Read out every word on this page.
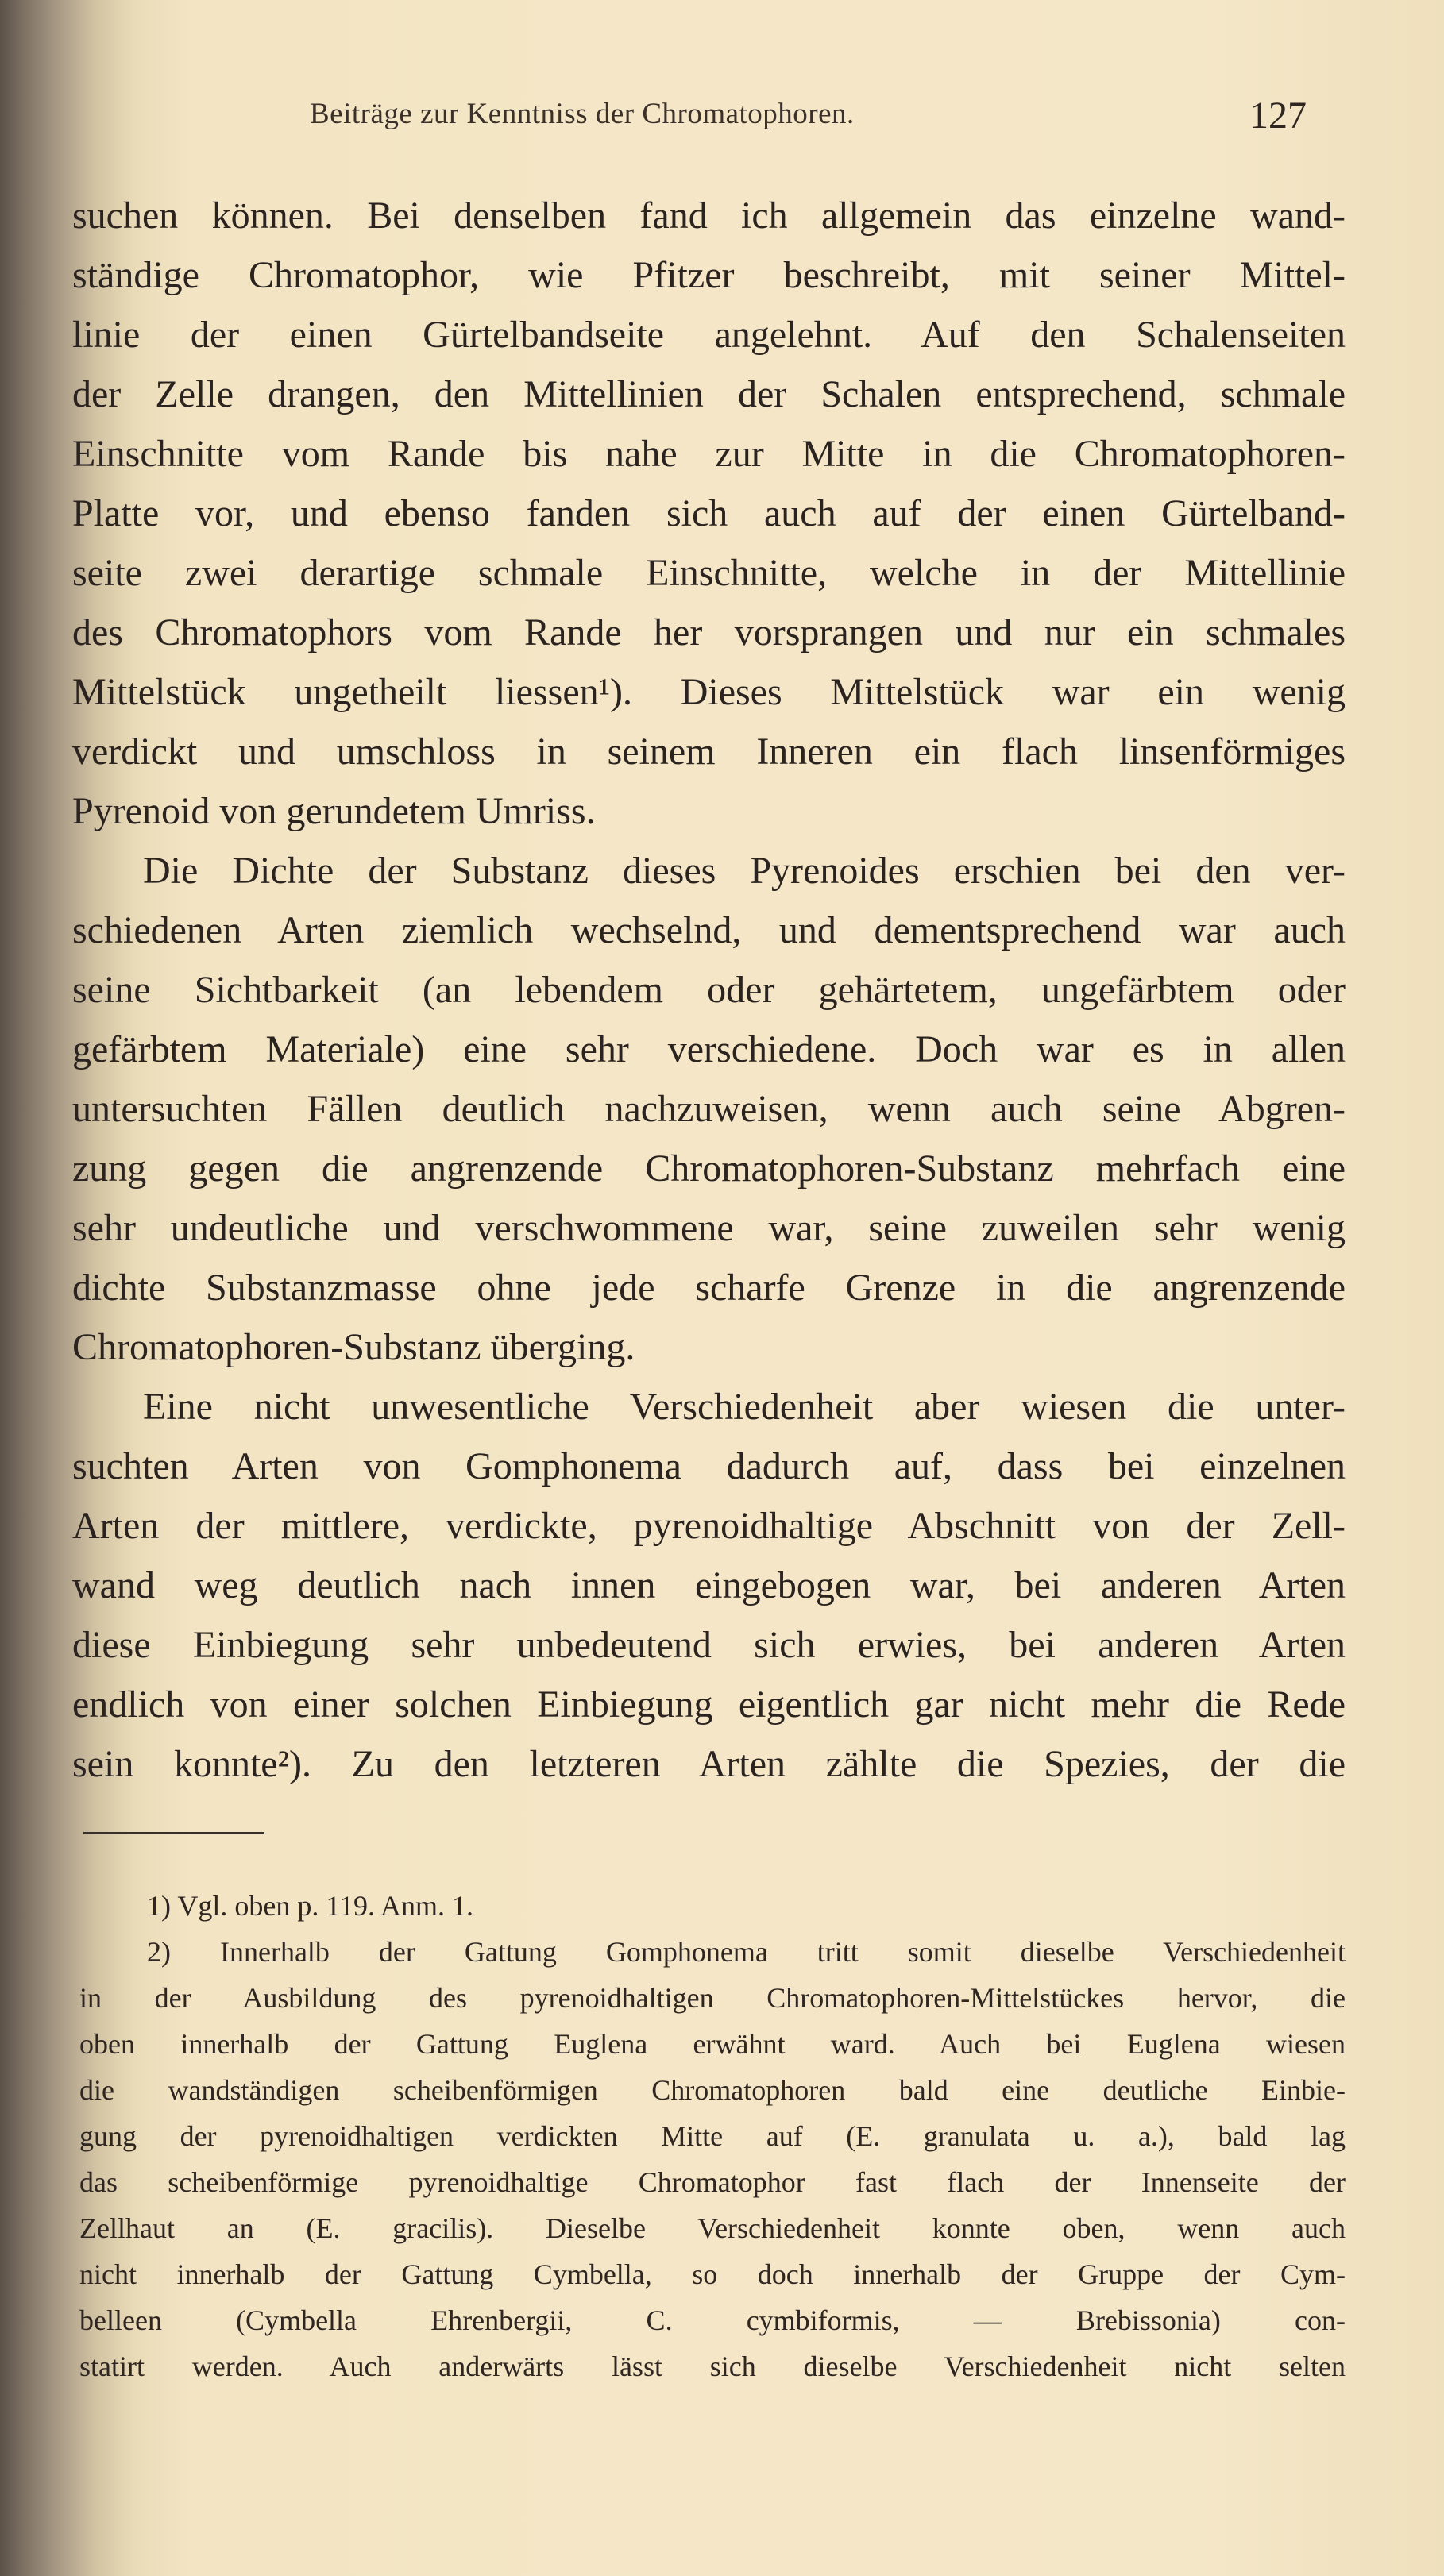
Beiträge zur Kenntniss der Chromatophoren.	127
suchen können. Bei denselben fand ich allgemein das einzelne wand-
ständige Chromatophor, wie Pfitzer beschreibt, mit seiner Mittel-
linie der einen Gürtelbandseite angelehnt. Auf den Schalenseiten
der Zelle drangen, den Mittellinien der Schalen entsprechend, schmale
Einschnitte vom Rande bis nahe zur Mitte in die Chromatophoren-
Platte vor, und ebenso fanden sich auch auf der einen Gürtelband-
seite zwei derartige schmale Einschnitte, welche in der Mittellinie
des Chromatophors vom Rande her vorsprangen und nur ein schmales
Mittelstück ungetheilt liessen¹). Dieses Mittelstück war ein wenig
verdickt und umschloss in seinem Inneren ein flach linsenförmiges
Pyrenoid von gerundetem Umriss.
Die Dichte der Substanz dieses Pyrenoides erschien bei den ver-
schiedenen Arten ziemlich wechselnd, und dementsprechend war auch
seine Sichtbarkeit (an lebendem oder gehärtetem, ungefärbtem oder
gefärbtem Materiale) eine sehr verschiedene. Doch war es in allen
untersuchten Fällen deutlich nachzuweisen, wenn auch seine Abgren-
zung gegen die angrenzende Chromatophoren-Substanz mehrfach eine
sehr undeutliche und verschwommene war, seine zuweilen sehr wenig
dichte Substanzmasse ohne jede scharfe Grenze in die angrenzende
Chromatophoren-Substanz überging.
Eine nicht unwesentliche Verschiedenheit aber wiesen die unter-
suchten Arten von Gomphonema dadurch auf, dass bei einzelnen
Arten der mittlere, verdickte, pyrenoidhaltige Abschnitt von der Zell-
wand weg deutlich nach innen eingebogen war, bei anderen Arten
diese Einbiegung sehr unbedeutend sich erwies, bei anderen Arten
endlich von einer solchen Einbiegung eigentlich gar nicht mehr die Rede
sein konnte²). Zu den letzteren Arten zählte die Spezies, der die
1) Vgl. oben p. 119. Anm. 1.
2) Innerhalb der Gattung Gomphonema tritt somit dieselbe Verschiedenheit
in der Ausbildung des pyrenoidhaltigen Chromatophoren-Mittelstückes hervor, die
oben innerhalb der Gattung Euglena erwähnt ward. Auch bei Euglena wiesen
die wandständigen scheibenförmigen Chromatophoren bald eine deutliche Einbie-
gung der pyrenoidhaltigen verdickten Mitte auf (E. granulata u. a.), bald lag
das scheibenförmige pyrenoidhaltige Chromatophor fast flach der Innenseite der
Zellhaut an (E. gracilis). Dieselbe Verschiedenheit konnte oben, wenn auch
nicht innerhalb der Gattung Cymbella, so doch innerhalb der Gruppe der Cym-
belleen (Cymbella Ehrenbergii, C. cymbiformis, — Brebissonia) con-
statirt werden. Auch anderwärts lässt sich dieselbe Verschiedenheit nicht selten
